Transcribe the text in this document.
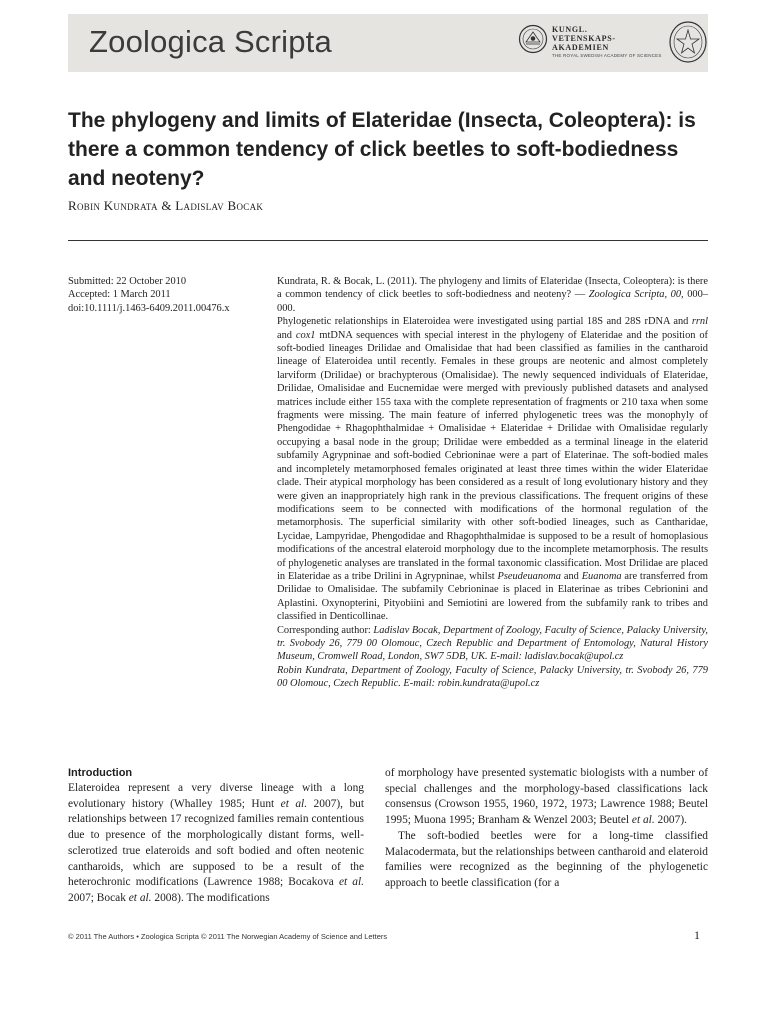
Zoologica Scripta	KUNGL.
VETENSKAPS-
AKADEMIEN
THE ROYAL SWEDISH ACADEMY OF SCIENCES
The phylogeny and limits of Elateridae (Insecta, Coleoptera): is there a common tendency of click beetles to soft-bodiedness and neoteny?
Robin Kundrata & Ladislav Bocak
Submitted: 22 October 2010
Accepted: 1 March 2011
doi:10.1111/j.1463-6409.2011.00476.x

Kundrata, R. & Bocak, L. (2011). The phylogeny and limits of Elateridae (Insecta, Coleoptera): is there a common tendency of click beetles to soft-bodiedness and neoteny? — Zoologica Scripta, 00, 000–000.

Phylogenetic relationships in Elateroidea were investigated using partial 18S and 28S rDNA and rrnl and cox1 mtDNA sequences with special interest in the phylogeny of Elateridae and the position of soft-bodied lineages Drilidae and Omalisidae that had been classified as families in the cantharoid lineage of Elateroidea until recently. Females in these groups are neotenic and almost completely larviform (Drilidae) or brachypterous (Omalisidae). The newly sequenced individuals of Elateridae, Drilidae, Omalisidae and Eucnemidae were merged with previously published datasets and analysed matrices include either 155 taxa with the complete representation of fragments or 210 taxa when some fragments were missing. The main feature of inferred phylogenetic trees was the monophyly of Phengodidae + Rhagophthalmidae + Omalisidae + Elateridae + Drilidae with Omalisidae regularly occupying a basal node in the group; Drilidae were embedded as a terminal lineage in the elaterid subfamily Agrypninae and soft-bodied Cebrioninae were a part of Elaterinae. The soft-bodied males and incompletely metamorphosed females originated at least three times within the wider Elateridae clade. Their atypical morphology has been considered as a result of long evolutionary history and they were given an inappropriately high rank in the previous classifications. The frequent origins of these modifications seem to be connected with modifications of the hormonal regulation of the metamorphosis. The superficial similarity with other soft-bodied lineages, such as Cantharidae, Lycidae, Lampyridae, Phengodidae and Rhagophthalmidae is supposed to be a result of homoplasious modifications of the ancestral elateroid morphology due to the incomplete metamorphosis. The results of phylogenetic analyses are translated in the formal taxonomic classification. Most Drilidae are placed in Elateridae as a tribe Drilini in Agrypninae, whilst Pseudeuanoma and Euanoma are transferred from Drilidae to Omalisidae. The subfamily Cebrioninae is placed in Elaterinae as tribes Cebrionini and Aplastini. Oxynopterini, Pityobiini and Semiotini are lowered from the subfamily rank to tribes and classified in Denticollinae.

Corresponding author: Ladislav Bocak, Department of Zoology, Faculty of Science, Palacky University, tr. Svobody 26, 779 00 Olomouc, Czech Republic and Department of Entomology, Natural History Museum, Cromwell Road, London, SW7 5DB, UK. E-mail: ladislav.bocak@upol.cz

Robin Kundrata, Department of Zoology, Faculty of Science, Palacky University, tr. Svobody 26, 779 00 Olomouc, Czech Republic. E-mail: robin.kundrata@upol.cz

Introduction

Elateroidea represent a very diverse lineage with a long evolutionary history (Whalley 1985; Hunt et al. 2007), but relationships between 17 recognized families remain contentious due to presence of the morphologically distant forms, well-sclerotized true elateroids and soft bodied and often neotenic cantharoids, which are supposed to be a result of the heterochronic modifications (Lawrence 1988; Bocakova et al. 2007; Bocak et al. 2008). The modifications

of morphology have presented systematic biologists with a number of special challenges and the morphology-based classifications lack consensus (Crowson 1955, 1960, 1972, 1973; Lawrence 1988; Beutel 1995; Muona 1995; Branham & Wenzel 2003; Beutel et al. 2007).

The soft-bodied beetles were for a long-time classified Malacodermata, but the relationships between cantharoid and elateroid families were recognized as the beginning of the phylogenetic approach to beetle classification (for a

© 2011 The Authors • Zoologica Scripta © 2011 The Norwegian Academy of Science and Letters	1
